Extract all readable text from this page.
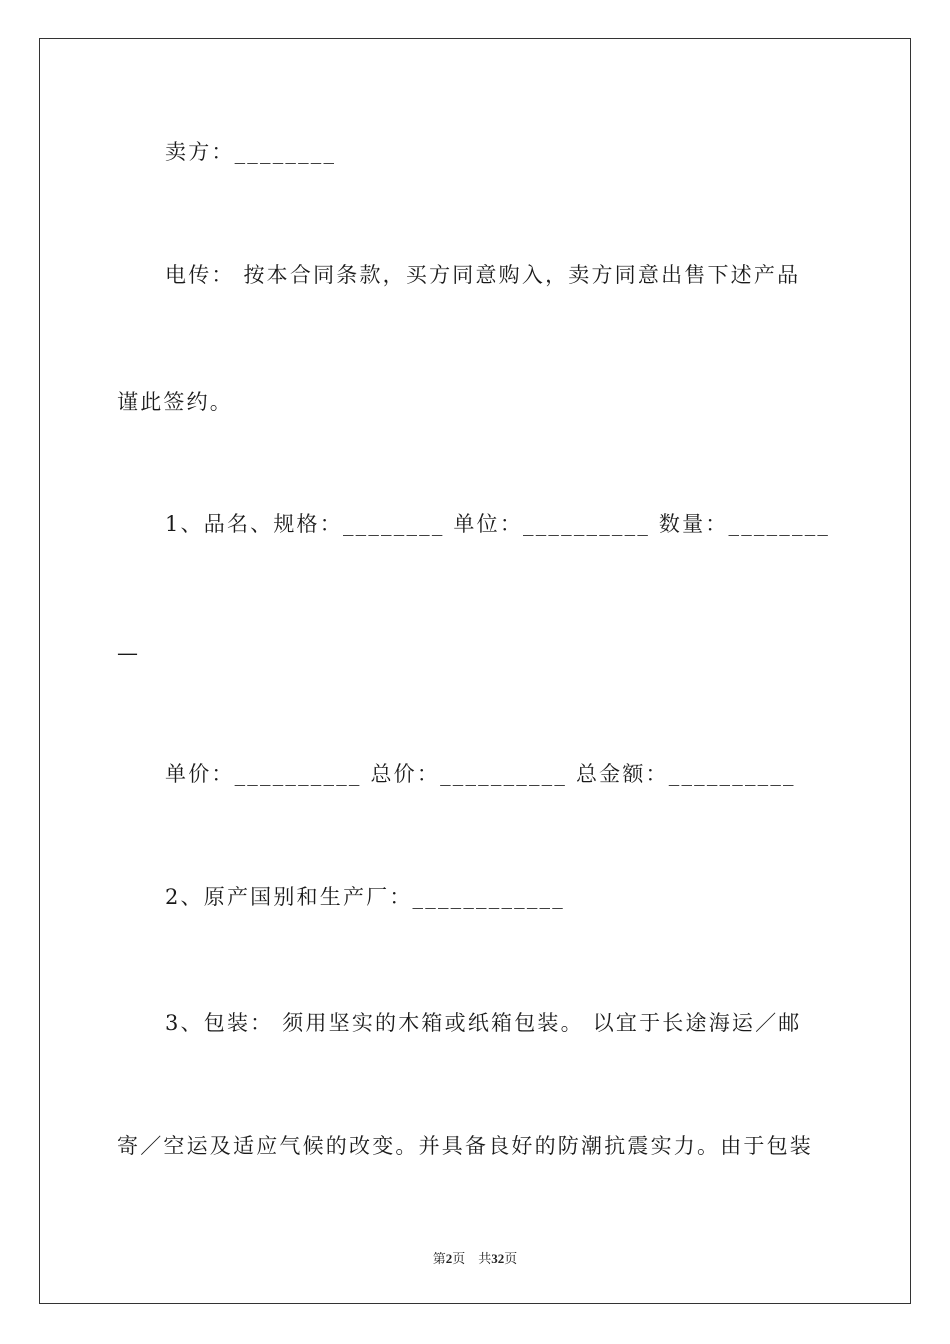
卖方：________
电传： 按本合同条款，买方同意购入，卖方同意出售下述产品
谨此签约。
1、品名、规格：________ 单位：__________ 数量：________
—
单价：__________ 总价：__________ 总金额：__________
2、原产国别和生产厂：____________
3、包装： 须用坚实的木箱或纸箱包装。 以宜于长途海运／邮
寄／空运及适应气候的改变。并具备良好的防潮抗震实力。由于包装
第2页 共32页
